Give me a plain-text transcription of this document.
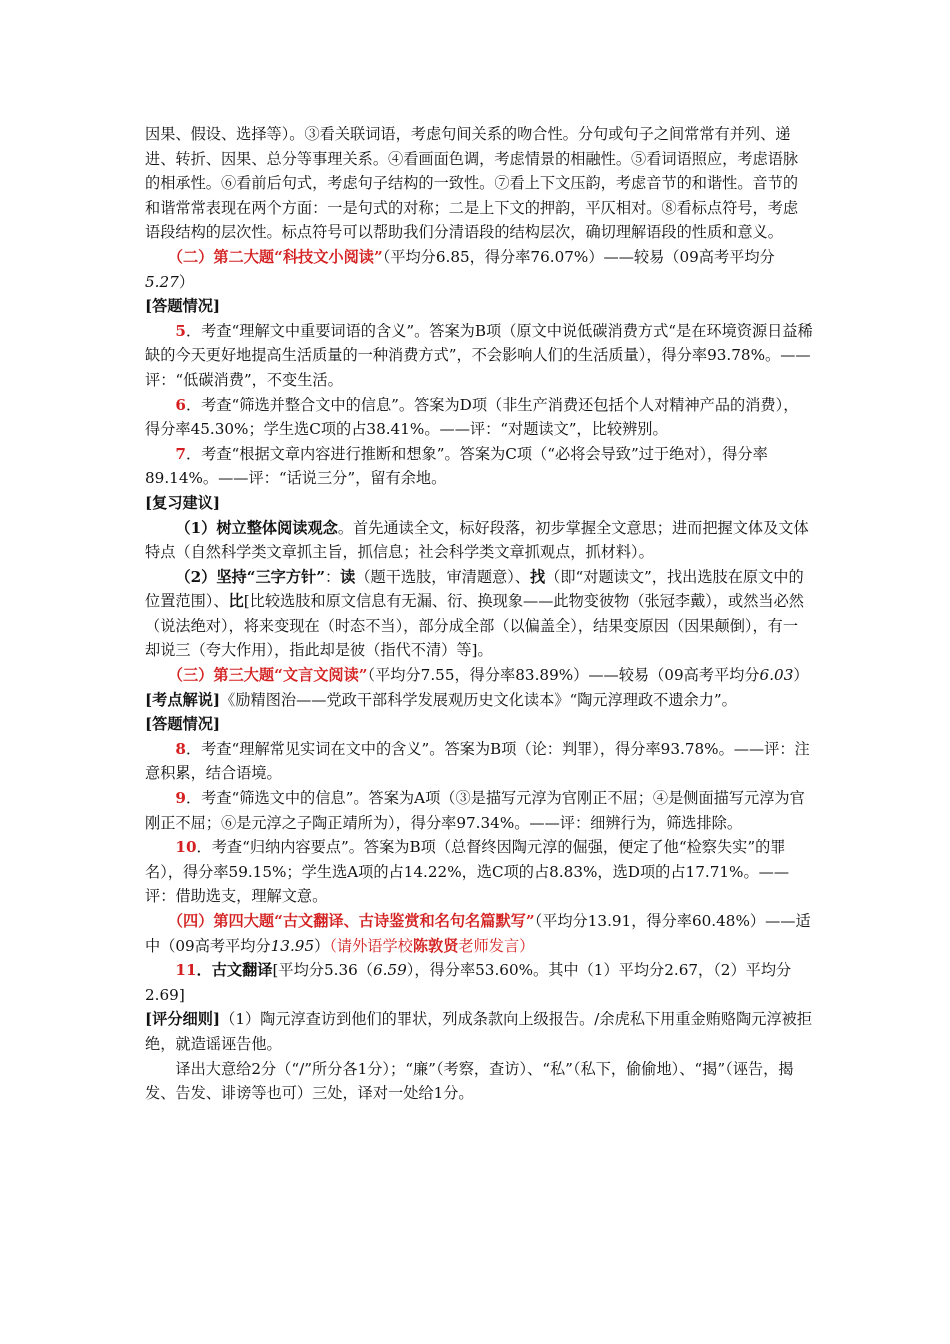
因果、假设、选择等）。③看关联词语，考虑句间关系的吻合性。分句或句子之间常常有并列、递进、转折、因果、总分等事理关系。④看画面色调，考虑情景的相融性。⑤看词语照应，考虑语脉的相承性。⑥看前后句式，考虑句子结构的一致性。⑦看上下文压韵，考虑音节的和谐性。音节的和谐常常表现在两个方面：一是句式的对称；二是上下文的押韵，平仄相对。⑧看标点符号，考虑语段结构的层次性。标点符号可以帮助我们分清语段的结构层次，确切理解语段的性质和意义。

（二）第二大题“科技文小阅读”（平均分6.85，得分率76.07%）——较易（09高考平均分5.27）

[答题情况]

5．考查“理解文中重要词语的含义”。答案为B项（原文中说低碳消费方式“是在环境资源日益稀缺的今天更好地提高生活质量的一种消费方式”，不会影响人们的生活质量），得分率93.78%。——评：“低碳消费”，不变生活。

6．考查“筛选并整合文中的信息”。答案为D项（非生产消费还包括个人对精神产品的消费），得分率45.30%；学生选C项的占38.41%。——评：“对题读文”，比较辨别。

7．考查“根据文章内容进行推断和想象”。答案为C项（“必将会导致”过于绝对），得分率89.14%。——评：“话说三分”，留有余地。

[复习建议]

（1）树立整体阅读观念。首先通读全文，标好段落，初步掌握全文意思；进而把握文体及文体特点（自然科学类文章抓主旨，抓信息；社会科学类文章抓观点，抓材料）。

（2）坚持“三字方针”：读（题干选肢，审清题意）、找（即“对题读文”，找出选肢在原文中的位置范围）、比[比较选肢和原文信息有无漏、衍、换现象——此物变彼物（张冠李戴），或然当必然（说法绝对），将来变现在（时态不当），部分成全部（以偏盖全），结果变原因（因果颠倒），有一却说三（夸大作用），指此却是彼（指代不清）等]。

（三）第三大题“文言文阅读”（平均分7.55，得分率83.89%）——较易（09高考平均分6.03）

[考点解说]《励精图治——党政干部科学发展观历史文化读本》“陶元淳理政不遗余力”。

[答题情况]

8．考查“理解常见实词在文中的含义”。答案为B项（论：判罪），得分率93.78%。——评：注意积累，结合语境。

9．考查“筛选文中的信息”。答案为A项（③是描写元淳为官刚正不屈；④是侧面描写元淳为官刚正不屈；⑥是元淳之子陶正靖所为），得分率97.34%。——评：细辨行为，筛选排除。

10．考查“归纳内容要点”。答案为B项（总督终因陶元淳的倔强，便定了他“检察失实”的罪名），得分率59.15%；学生选A项的占14.22%，选C项的占8.83%，选D项的占17.71%。——评：借助选支，理解文意。

（四）第四大题“古文翻译、古诗鉴赏和名句名篇默写”（平均分13.91，得分率60.48%）——适中（09高考平均分13.95）（请外语学校陈敦贤老师发言）

11．古文翻译[平均分5.36（6.59），得分率53.60%。其中（1）平均分2.67，（2）平均分2.69]

[评分细则]（1）陶元淳查访到他们的罪状，列成条款向上级报告。/余虎私下用重金贿赂陶元淳被拒绝，就造谣诬告他。

译出大意给2分（“/”所分各1分）；“廉”（考察，查访）、“私”（私下，偷偷地）、“揭”（诬告，揭发、告发、诽谤等也可）三处，译对一处给1分。
